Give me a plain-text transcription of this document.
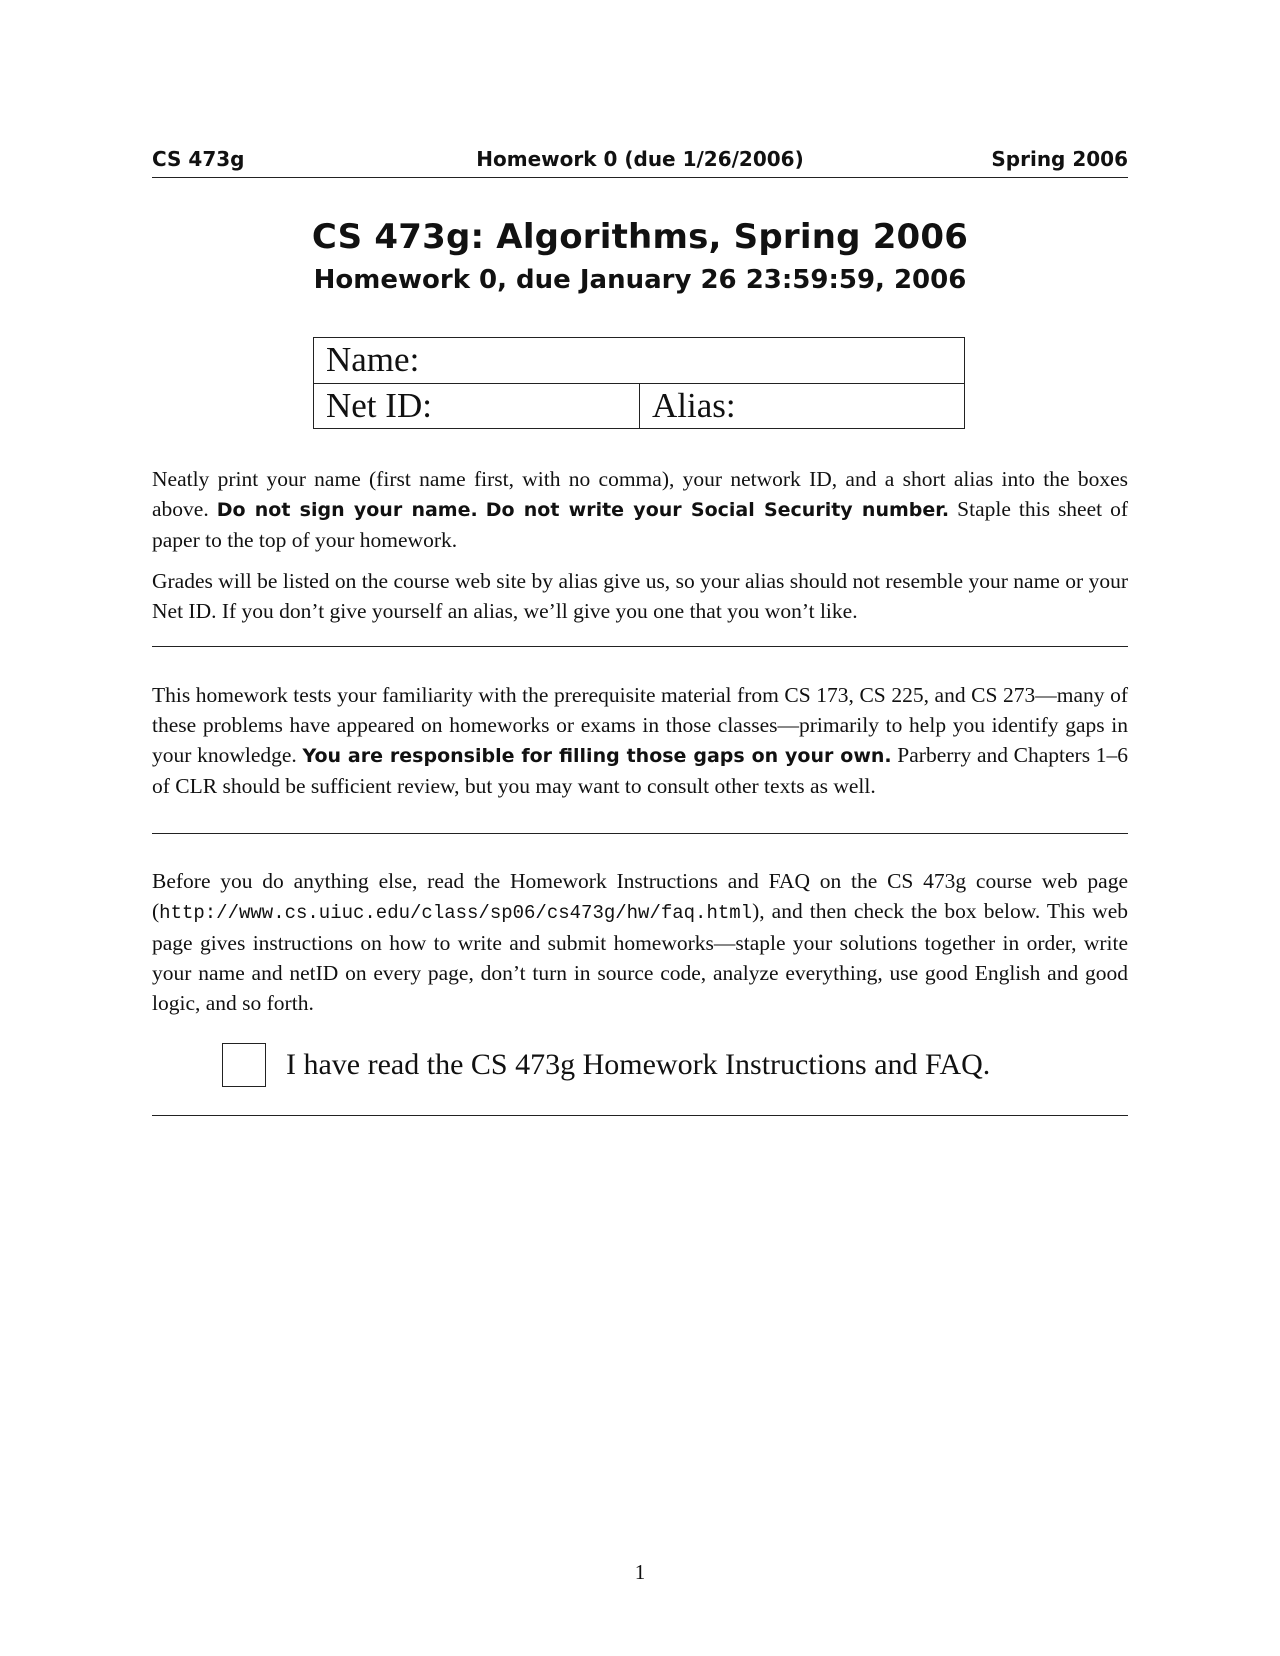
CS 473g	Homework 0 (due 1/26/2006)	Spring 2006
CS 473g: Algorithms, Spring 2006
Homework 0, due January 26 23:59:59, 2006
Name:
Net ID:	Alias:

Neatly print your name (first name first, with no comma), your network ID, and a short alias into the boxes above. Do not sign your name. Do not write your Social Security number. Staple this sheet of paper to the top of your homework.

Grades will be listed on the course web site by alias give us, so your alias should not resemble your name or your Net ID. If you don’t give yourself an alias, we’ll give you one that you won’t like.

This homework tests your familiarity with the prerequisite material from CS 173, CS 225, and CS 273—many of these problems have appeared on homeworks or exams in those classes—primarily to help you identify gaps in your knowledge. You are responsible for filling those gaps on your own. Parberry and Chapters 1–6 of CLR should be sufficient review, but you may want to consult other texts as well.

Before you do anything else, read the Homework Instructions and FAQ on the CS 473g course web page (http://www.cs.uiuc.edu/class/sp06/cs473g/hw/faq.html), and then check the box below. This web page gives instructions on how to write and submit homeworks—staple your solutions together in order, write your name and netID on every page, don’t turn in source code, analyze everything, use good English and good logic, and so forth.

I have read the CS 473g Homework Instructions and FAQ.
1
